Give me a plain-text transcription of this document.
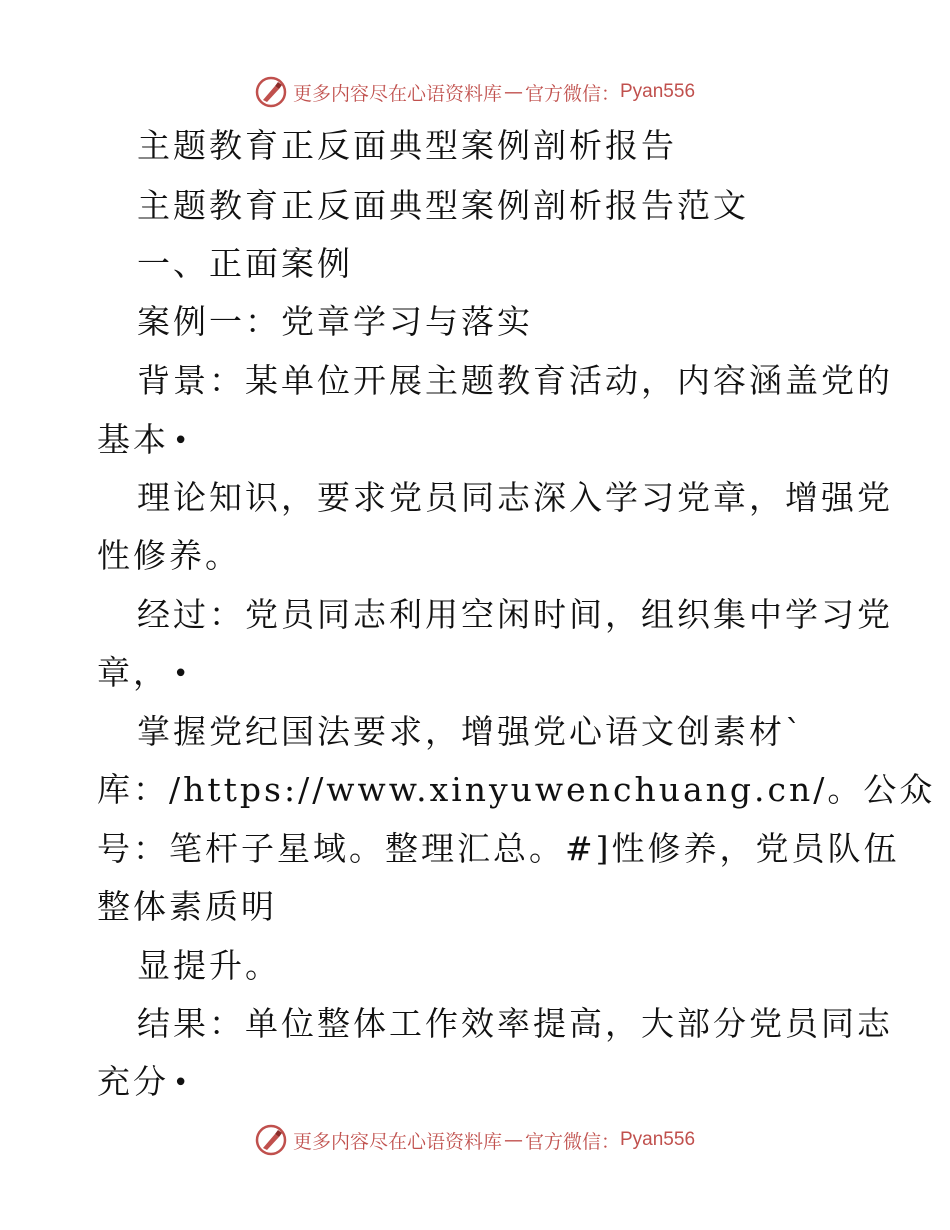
更多内容尽在心语资料库 — 官方微信： Pyan556
主题教育正反面典型案例剖析报告
主题教育正反面典型案例剖析报告范文
一、正面案例
案例一：党章学习与落实
背景：某单位开展主题教育活动，内容涵盖党的
基本 •
理论知识，要求党员同志深入学习党章，增强党
性修养。
经过：党员同志利用空闲时间，组织集中学习党
章， •
掌握党纪国法要求，增强党心语文创素材`
库：/https://www.xinyuwenchuang.cn/。公众
号：笔杆子星域。整理汇总。#]性修养，党员队伍
整体素质明
显提升。
结果：单位整体工作效率提高，大部分党员同志
充分 •
更多内容尽在心语资料库 — 官方微信： Pyan556
